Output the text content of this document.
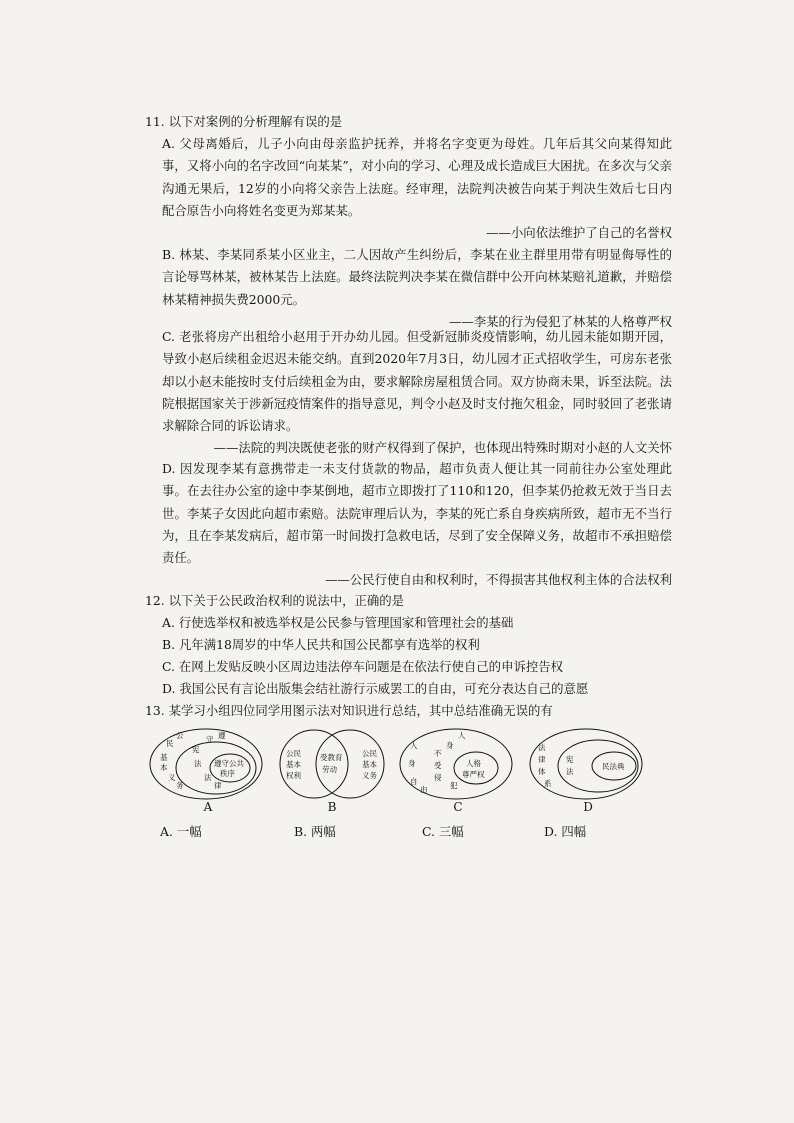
11. 以下对案例的分析理解有误的是

A. 父母离婚后，儿子小向由母亲监护抚养，并将名字变更为母姓。几年后其父向某得知此事，又将小向的名字改回“向某某”，对小向的学习、心理及成长造成巨大困扰。在多次与父亲沟通无果后，12岁的小向将父亲告上法庭。经审理，法院判决被告向某于判决生效后七日内配合原告小向将姓名变更为郑某某。

——小向依法维护了自己的名誉权

B. 林某、李某同系某小区业主，二人因故产生纠纷后，李某在业主群里用带有明显侮辱性的言论辱骂林某，被林某告上法庭。最终法院判决李某在微信群中公开向林某赔礼道歉，并赔偿林某精神损失费2000元。

——李某的行为侵犯了林某的人格尊严权

C. 老张将房产出租给小赵用于开办幼儿园。但受新冠肺炎疫情影响，幼儿园未能如期开园，导致小赵后续租金迟迟未能交纳。直到2020年7月3日，幼儿园才正式招收学生，可房东老张却以小赵未能按时支付后续租金为由，要求解除房屋租赁合同。双方协商未果，诉至法院。法院根据国家关于涉新冠疫情案件的指导意见，判令小赵及时支付拖欠租金，同时驳回了老张请求解除合同的诉讼请求。

——法院的判决既使老张的财产权得到了保护，也体现出特殊时期对小赵的人文关怀

D. 因发现李某有意携带走一未支付货款的物品，超市负责人便让其一同前往办公室处理此事。在去往办公室的途中李某倒地，超市立即拨打了110和120，但李某仍抢救无效于当日去世。李某子女因此向超市索赔。法院审理后认为，李某的死亡系自身疾病所致，超市无不当行为，且在李某发病后，超市第一时间拨打急救电话，尽到了安全保障义务，故超市不承担赔偿责任。

——公民行使自由和权利时，不得损害其他权利主体的合法权利
12. 以下关于公民政治权利的说法中，正确的是
A. 行使选举权和被选举权是公民参与管理国家和管理社会的基础
B. 凡年满18周岁的中华人民共和国公民都享有选举的权利
C. 在网上发贴反映小区周边违法停车问题是在依法行使自己的申诉控告权
D. 我国公民有言论出版集会结社游行示威罢工的自由，可充分表达自己的意愿
13. 某学习小组四位同学用图示法对知识进行总结，其中总结准确无误的有
基
本
义
务
民
公
宪
法
法
律
守 遵
遵守公共
秩序
A
公民
基本
权利
受教育
劳动
公民
基本
义务
B
人
身
自
由
不
受
侵
犯
人
身
人格
尊严权
C
法
律
体
系
宪
法
民法典
D
A. 一幅	B. 两幅	C. 三幅	D. 四幅
